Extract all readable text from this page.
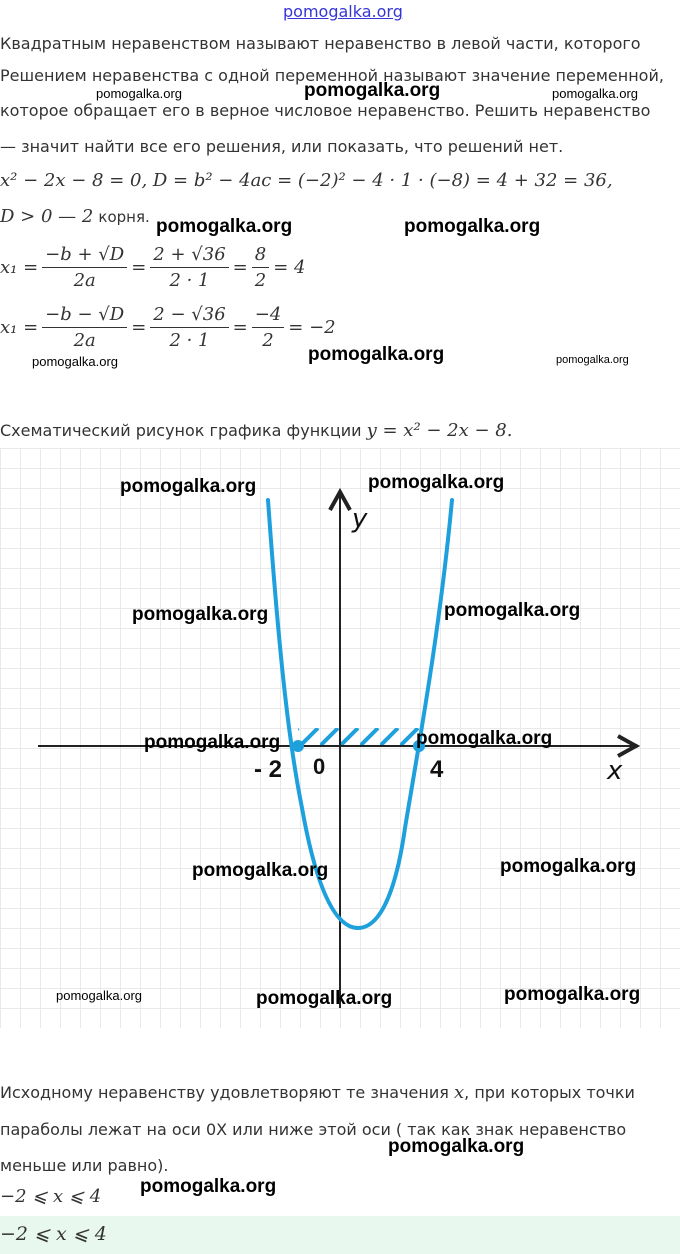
pomogalka.org
Квадратным неравенством называют неравенство в левой части, которого
Решением неравенства с одной переменной называют значение переменной,
которое обращает его в верное числовое неравенство. Решить неравенство
— значит найти все его решения, или показать, что решений нет.
x² − 2x − 8 = 0, D = b² − 4ac = (−2)² − 4 · 1 · (−8) = 4 + 32 = 36,
D > 0 — 2 корня.
$x_1 = \frac{-b + √D}{2a} = \frac{2 + √36}{2 \cdot 1} = \frac{8}{2} = 4$
$x_1 = \frac{-b - √D}{2a} = \frac{2 - √36}{2 \cdot 1} = \frac{-4}{2} = -2$
Схематический рисунок графика функции y = x² − 2x − 8.
y
x
- 2 0	4
Исходному неравенству удовлетворяют те значения x, при которых точки
параболы лежат на оси 0X или ниже этой оси ( так как знак неравенство
меньше или равно).
−2 ⩽ x ⩽ 4
−2 ⩽ x ⩽ 4
pomogalka.org	pomogalka.org	pomogalka.org
pomogalka.org	pomogalka.org
pomogalka.org	pomogalka.org	pomogalka.org
pomogalka.org	pomogalka.org
pomogalka.org	pomogalka.org
pomogalka.org	pomogalka.org
pomogalka.org	pomogalka.org
pomogalka.org	pomogalka.org	pomogalka.org
pomogalka.org
pomogalka.org
